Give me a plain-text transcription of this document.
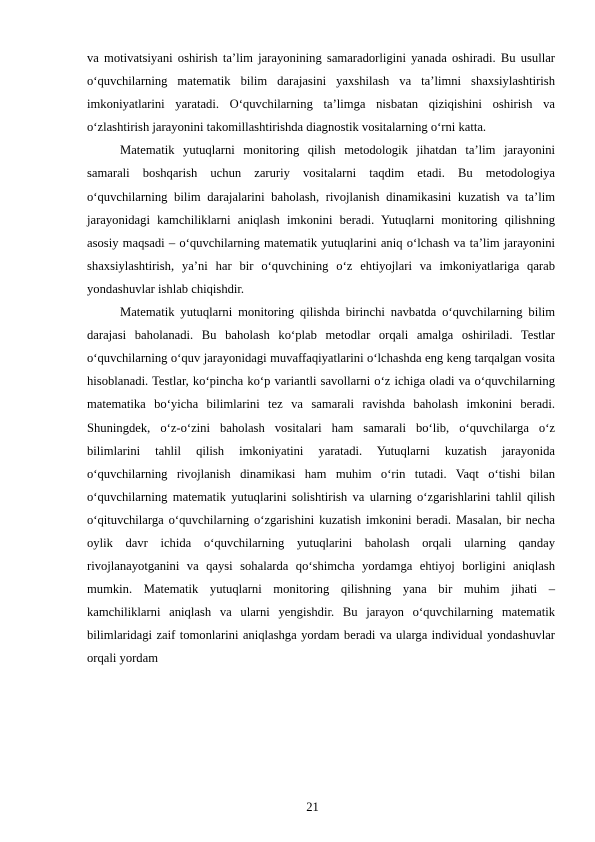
va motivatsiyani oshirish ta’lim jarayonining samaradorligini yanada oshiradi. Bu usullar o‘quvchilarning matematik bilim darajasini yaxshilash va ta’limni shaxsiylashtirish imkoniyatlarini yaratadi. O‘quvchilarning ta’limga nisbatan qiziqishini oshirish va o‘zlashtirish jarayonini takomillashtirishda diagnostik vositalarning o‘rni katta.

Matematik yutuqlarni monitoring qilish metodologik jihatdan ta’lim jarayonini samarali boshqarish uchun zaruriy vositalarni taqdim etadi. Bu metodologiya o‘quvchilarning bilim darajalarini baholash, rivojlanish dinamikasini kuzatish va ta’lim jarayonidagi kamchiliklarni aniqlash imkonini beradi. Yutuqlarni monitoring qilishning asosiy maqsadi – o‘quvchilarning matematik yutuqlarini aniq o‘lchash va ta’lim jarayonini shaxsiylashtirish, ya’ni har bir o‘quvchining o‘z ehtiyojlari va imkoniyatlariga qarab yondashuvlar ishlab chiqishdir.

Matematik yutuqlarni monitoring qilishda birinchi navbatda o‘quvchilarning bilim darajasi baholanadi. Bu baholash ko‘plab metodlar orqali amalga oshiriladi. Testlar o‘quvchilarning o‘quv jarayonidagi muvaffaqiyatlarini o‘lchashda eng keng tarqalgan vosita hisoblanadi. Testlar, ko‘pincha ko‘p variantli savollarni o‘z ichiga oladi va o‘quvchilarning matematika bo‘yicha bilimlarini tez va samarali ravishda baholash imkonini beradi. Shuningdek, o‘z-o‘zini baholash vositalari ham samarali bo‘lib, o‘quvchilarga o‘z bilimlarini tahlil qilish imkoniyatini yaratadi. Yutuqlarni kuzatish jarayonida o‘quvchilarning rivojlanish dinamikasi ham muhim o‘rin tutadi. Vaqt o‘tishi bilan o‘quvchilarning matematik yutuqlarini solishtirish va ularning o‘zgarishlarini tahlil qilish o‘qituvchilarga o‘quvchilarning o‘zgarishini kuzatish imkonini beradi. Masalan, bir necha oylik davr ichida o‘quvchilarning yutuqlarini baholash orqali ularning qanday rivojlanayotganini va qaysi sohalarda qo‘shimcha yordamga ehtiyoj borligini aniqlash mumkin. Matematik yutuqlarni monitoring qilishning yana bir muhim jihati – kamchiliklarni aniqlash va ularni yengishdir. Bu jarayon o‘quvchilarning matematik bilimlaridagi zaif tomonlarini aniqlashga yordam beradi va ularga individual yondashuvlar orqali yordam

21
